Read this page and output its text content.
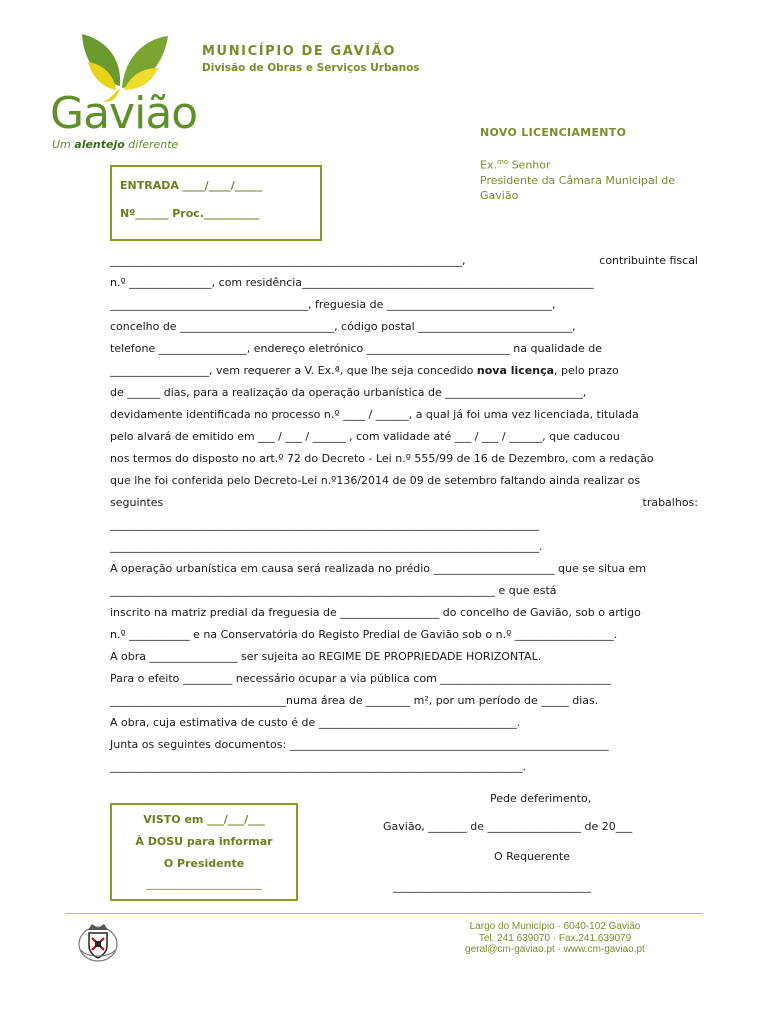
Gavião
Um alentejo diferente
MUNICÍPIO DE GAVIÃO
Divisão de Obras e Serviços Urbanos
NOVO LICENCIAMENTO
Ex.$^{mo}$ Senhor
Presidente da Câmara Municipal de
Gavião
ENTRADA ____/____/_____
Nº______ Proc.__________
________________________________________________________________,	contribuinte fiscal
n.º _______________, com residência_____________________________________________________
____________________________________, freguesia de ______________________________,
concelho de ____________________________, código postal ____________________________,
telefone ________________, endereço eletrónico __________________________ na qualidade de
__________________, vem requerer a V. Ex.ª, que lhe seja concedido nova licença, pelo prazo
de ______ dias, para a realização da operação urbanística de _________________________,
devidamente identificada no processo n.º ____ / ______, a qual já foi uma vez licenciada, titulada
pelo alvará de emitido em ___ / ___ / ______ , com validade até ___ / ___ / ______, que caducou
nos termos do disposto no art.º 72 do Decreto - Lei n.º 555/99 de 16 de Dezembro, com a redação
que lhe foi conferida pelo Decreto-Lei n.º136/2014 de 09 de setembro faltando ainda realizar os
seguintes	trabalhos:
______________________________________________________________________________
______________________________________________________________________________.
A operação urbanística em causa será realizada no prédio ______________________ que se situa em
______________________________________________________________________ e que está
inscrito na matriz predial da freguesia de __________________ do concelho de Gavião, sob o artigo
n.º ___________ e na Conservatória do Registo Predial de Gavião sob o n.º __________________.
A obra ________________ ser sujeita ao REGIME DE PROPRIEDADE HORIZONTAL.
Para o efeito _________ necessário ocupar a via pública com _______________________________
________________________________numa área de ________ m², por um período de _____ dias.
A obra, cuja estimativa de custo é de ____________________________________.
Junta os seguintes documentos: __________________________________________________________
___________________________________________________________________________.
VISTO em ___/___/___
À DOSU para informar
O Presidente
_____________________
Pede deferimento,
Gavião, _______ de _________________ de 20___
O Requerente
____________________________________
Largo do Município · 6040-102 Gavião
Tel. 241 639070 · Fax.241.639079
geral@cm-gaviao.pt · www.cm-gaviao.pt
